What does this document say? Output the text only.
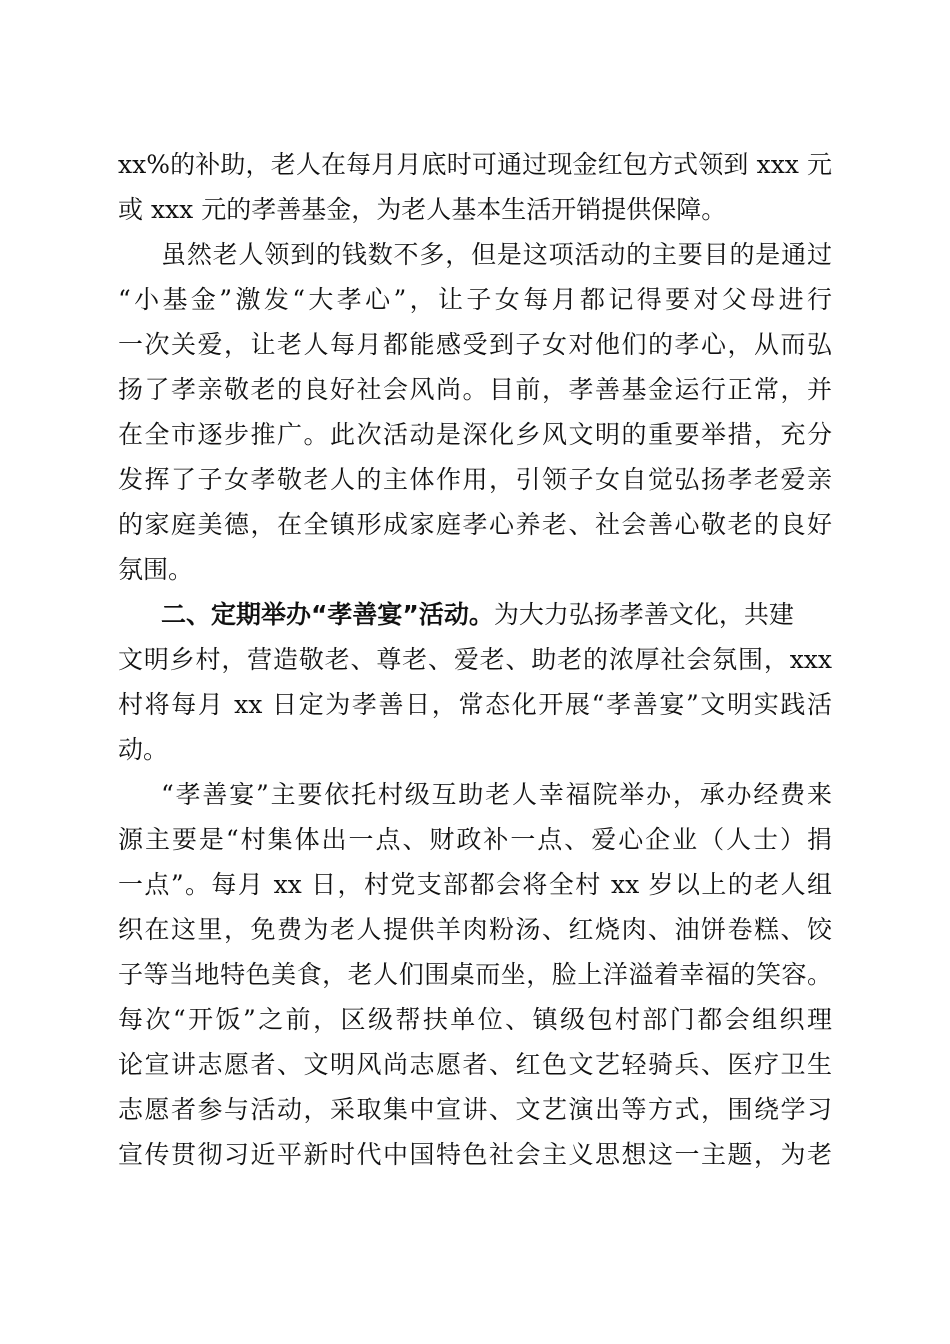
xx%的补助，老人在每月月底时可通过现金红包方式领到 xxx 元
或 xxx 元的孝善基金，为老人基本生活开销提供保障。
虽然老人领到的钱数不多，但是这项活动的主要目的是通过
“小基金”激发“大孝心”，让子女每月都记得要对父母进行
一次关爱，让老人每月都能感受到子女对他们的孝心，从而弘
扬了孝亲敬老的良好社会风尚。目前，孝善基金运行正常，并
在全市逐步推广。此次活动是深化乡风文明的重要举措，充分
发挥了子女孝敬老人的主体作用，引领子女自觉弘扬孝老爱亲
的家庭美德，在全镇形成家庭孝心养老、社会善心敬老的良好
氛围。
二、定期举办“孝善宴”活动。为大力弘扬孝善文化，共建
文明乡村，营造敬老、尊老、爱老、助老的浓厚社会氛围，xxx
村将每月 xx 日定为孝善日，常态化开展“孝善宴”文明实践活
动。
“孝善宴”主要依托村级互助老人幸福院举办，承办经费来
源主要是“村集体出一点、财政补一点、爱心企业（人士）捐
一点”。每月 xx 日，村党支部都会将全村 xx 岁以上的老人组
织在这里，免费为老人提供羊肉粉汤、红烧肉、油饼卷糕、饺
子等当地特色美食，老人们围桌而坐，脸上洋溢着幸福的笑容。
每次“开饭”之前，区级帮扶单位、镇级包村部门都会组织理
论宣讲志愿者、文明风尚志愿者、红色文艺轻骑兵、医疗卫生
志愿者参与活动，采取集中宣讲、文艺演出等方式，围绕学习
宣传贯彻习近平新时代中国特色社会主义思想这一主题，为老
